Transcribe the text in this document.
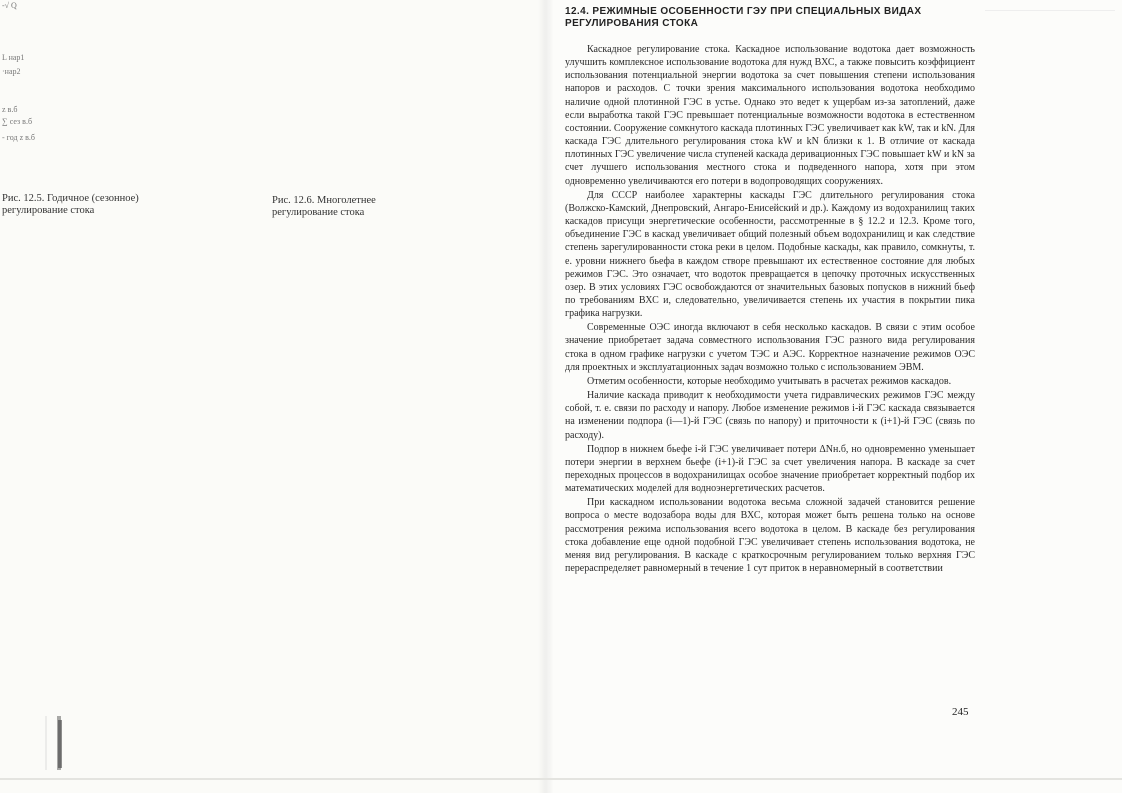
-√ Q
L нар1
·нар2
z в.б
∑ сез в.б
- год z в.б
Рис. 12.5. Годичное (сезонное) регулирование стока
Рис. 12.6. Многолетнее регулирование стока
12.4. РЕЖИМНЫЕ ОСОБЕННОСТИ ГЭУ ПРИ СПЕЦИАЛЬНЫХ ВИДАХ РЕГУЛИРОВАНИЯ СТОКА

Каскадное регулирование стока. Каскадное использование водотока дает возможность улучшить комплексное использование водотока для нужд ВХС, а также повысить коэффициент использования потенциальной энергии водотока за счет повышения степени использования напоров и расходов. С точки зрения максимального использования водотока необходимо наличие одной плотинной ГЭС в устье. Однако это ведет к ущербам из-за затоплений, даже если выработка такой ГЭС превышает потенциальные возможности водотока в естественном состоянии. Сооружение сомкнутого каскада плотинных ГЭС увеличивает как kW, так и kN. Для каскада ГЭС длительного регулирования стока kW и kN близки к 1. В отличие от каскада плотинных ГЭС увеличение числа ступеней каскада деривационных ГЭС повышает kW и kN за счет лучшего использования местного стока и подведенного напора, хотя при этом одновременно увеличиваются его потери в водопроводящих сооружениях.

Для СССР наиболее характерны каскады ГЭС длительного регулирования стока (Волжско-Камский, Днепровский, Ангаро-Енисейский и др.). Каждому из водохранилищ таких каскадов присущи энергетические особенности, рассмотренные в § 12.2 и 12.3. Кроме того, объединение ГЭС в каскад увеличивает общий полезный объем водохранилищ и как следствие степень зарегулированности стока реки в целом. Подобные каскады, как правило, сомкнуты, т. е. уровни нижнего бьефа в каждом створе превышают их естественное состояние для любых режимов ГЭС. Это означает, что водоток превращается в цепочку проточных искусственных озер. В этих условиях ГЭС освобождаются от значительных базовых попусков в нижний бьеф по требованиям ВХС и, следовательно, увеличивается степень их участия в покрытии пика графика нагрузки.

Современные ОЭС иногда включают в себя несколько каскадов. В связи с этим особое значение приобретает задача совместного использования ГЭС разного вида регулирования стока в одном графике нагрузки с учетом ТЭС и АЭС. Корректное назначение режимов ОЭС для проектных и эксплуатационных задач возможно только с использованием ЭВМ.

Отметим особенности, которые необходимо учитывать в расчетах режимов каскадов.

Наличие каскада приводит к необходимости учета гидравлических режимов ГЭС между собой, т. е. связи по расходу и напору. Любое изменение режимов i-й ГЭС каскада связывается на изменении подпора (i—1)-й ГЭС (связь по напору) и приточности к (i+1)-й ГЭС (связь по расходу).

Подпор в нижнем бьефе i-й ГЭС увеличивает потери ΔNн.б, но одновременно уменьшает потери энергии в верхнем бьефе (i+1)-й ГЭС за счет увеличения напора. В каскаде за счет переходных процессов в водохранилищах особое значение приобретает корректный подбор их математических моделей для водноэнергетических расчетов.

При каскадном использовании водотока весьма сложной задачей становится решение вопроса о месте водозабора воды для ВХС, которая может быть решена только на основе рассмотрения режима использования всего водотока в целом. В каскаде без регулирования стока добавление еще одной подобной ГЭС увеличивает степень использования водотока, не меняя вид регулирования. В каскаде с краткосрочным регулированием только верхняя ГЭС перераспределяет равномерный в течение 1 сут приток в неравномерный в соответствии

245
